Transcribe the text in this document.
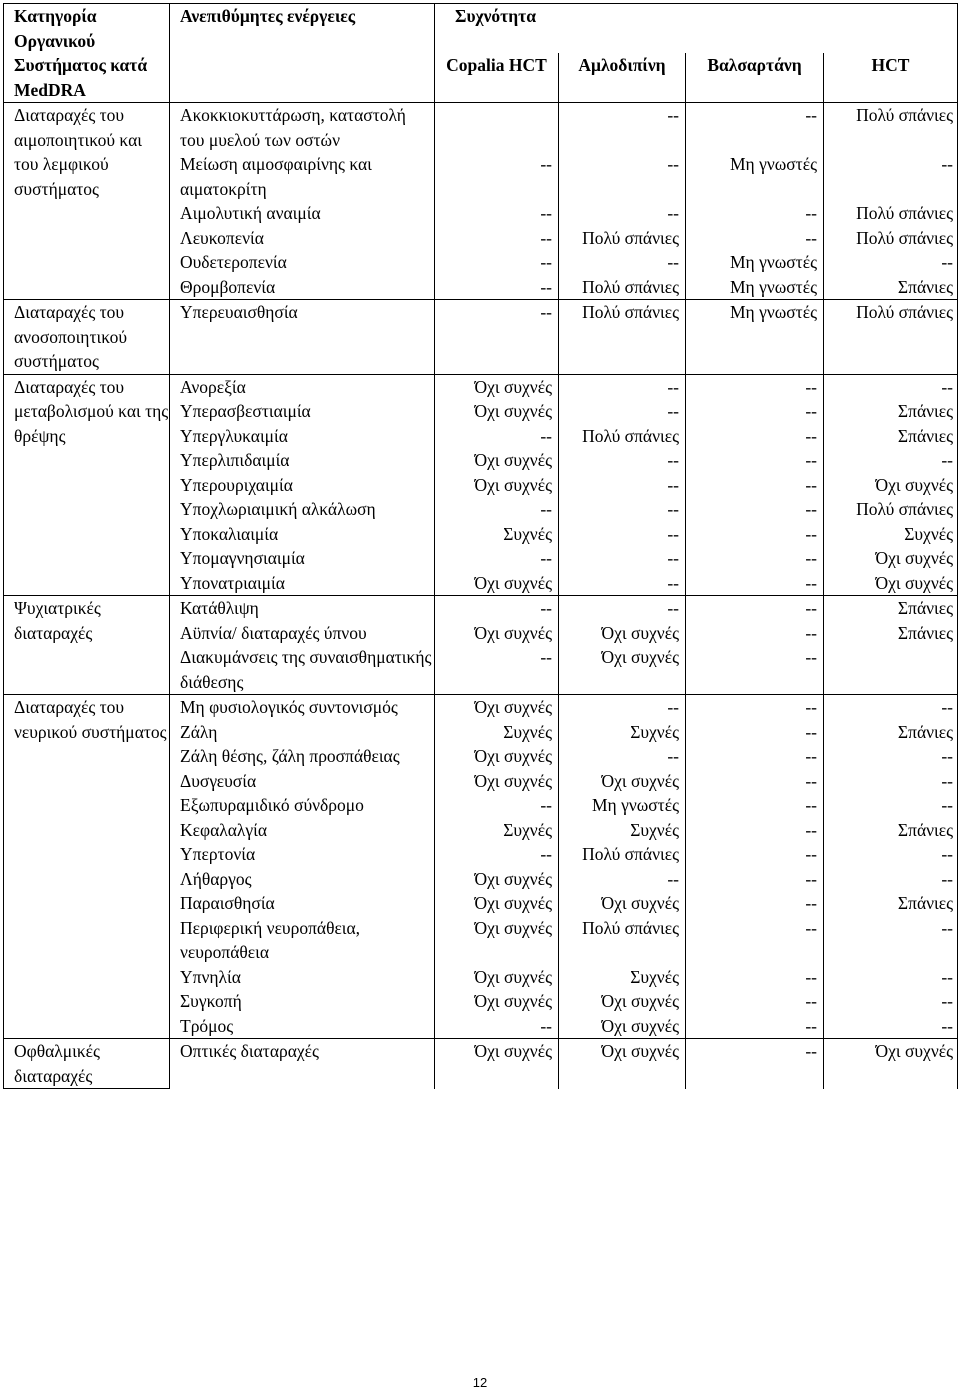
Κατηγορία Οργανικού Συστήματος κατά MedDRA	Ανεπιθύμητες ενέργειες	Συχνότητα			
		Copalia HCT	Αμλοδιπίνη	Βαλσαρτάνη	HCT
Διαταραχές του αιμοποιητικού και του λεμφικού συστήματος	Ακοκκιοκυττάρωση, καταστολή του μυελού των οστών		--	--	Πολύ σπάνιες
	Μείωση αιμοσφαιρίνης και αιματοκρίτη	--	--	Μη γνωστές	--
	Αιμολυτική αναιμία	--	--	--	Πολύ σπάνιες
	Λευκοπενία	--	Πολύ σπάνιες	--	Πολύ σπάνιες
	Ουδετεροπενία	--	--	Μη γνωστές	--
	Θρομβοπενία	--	Πολύ σπάνιες	Μη γνωστές	Σπάνιες
Διαταραχές του ανοσοποιητικού συστήματος	Υπερευαισθησία	--	Πολύ σπάνιες	Μη γνωστές	Πολύ σπάνιες
Διαταραχές του μεταβολισμού και της θρέψης	Ανορεξία	Όχι συχνές	--	--	--
	Υπερασβεστιαιμία	Όχι συχνές	--	--	Σπάνιες
	Υπεργλυκαιμία	--	Πολύ σπάνιες	--	Σπάνιες
	Υπερλιπιδαιμία	Όχι συχνές	--	--	--
	Υπερουριχαιμία	Όχι συχνές	--	--	Όχι συχνές
	Υποχλωριαιμική αλκάλωση	--	--	--	Πολύ σπάνιες
	Υποκαλιαιμία	Συχνές	--	--	Συχνές
	Υπομαγνησιαιμία	--	--	--	Όχι συχνές
	Υπονατριαιμία	Όχι συχνές	--	--	Όχι συχνές
Ψυχιατρικές διαταραχές	Κατάθλιψη	--	--	--	Σπάνιες
	Αϋπνία/ διαταραχές ύπνου	Όχι συχνές	Όχι συχνές	--	Σπάνιες
	Διακυμάνσεις της συναισθηματικής διάθεσης	--	Όχι συχνές	--	
Διαταραχές του νευρικού συστήματος	Μη φυσιολογικός συντονισμός	Όχι συχνές	--	--	--
	Ζάλη	Συχνές	Συχνές	--	Σπάνιες
	Ζάλη θέσης, ζάλη προσπάθειας	Όχι συχνές	--	--	--
	Δυσγευσία	Όχι συχνές	Όχι συχνές	--	--
	Εξωπυραμιδικό σύνδρομο	--	Μη γνωστές	--	--
	Κεφαλαλγία	Συχνές	Συχνές	--	Σπάνιες
	Υπερτονία	--	Πολύ σπάνιες	--	--
	Λήθαργος	Όχι συχνές	--	--	--
	Παραισθησία	Όχι συχνές	Όχι συχνές	--	Σπάνιες
	Περιφερική νευροπάθεια, νευροπάθεια	Όχι συχνές	Πολύ σπάνιες	--	--
	Υπνηλία	Όχι συχνές	Συχνές	--	--
	Συγκοπή	Όχι συχνές	Όχι συχνές	--	--
	Τρόμος	--	Όχι συχνές	--	--
Οφθαλμικές διαταραχές	Οπτικές διαταραχές	Όχι συχνές	Όχι συχνές	--	Όχι συχνές
12
